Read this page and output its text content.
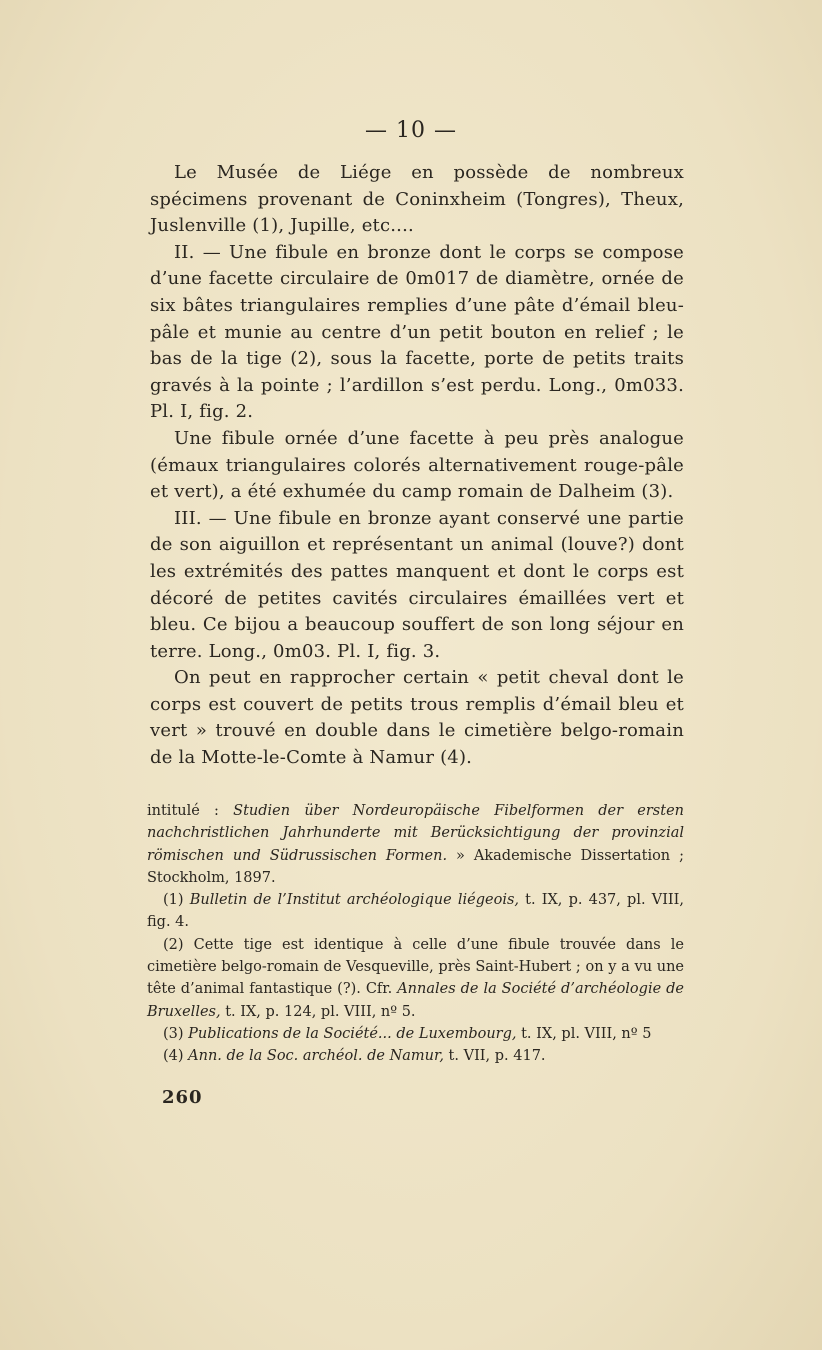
— 10 —

Le Musée de Liége en possède de nombreux spécimens provenant de Coninxheim (Tongres), Theux, Juslenville (1), Jupille, etc....

II. — Une fibule en bronze dont le corps se compose d’une facette circulaire de 0m017 de diamètre, ornée de six bâtes triangulaires remplies d’une pâte d’émail bleu-pâle et munie au centre d’un petit bouton en relief ; le bas de la tige (2), sous la facette, porte de petits traits gravés à la pointe ; l’ardillon s’est perdu. Long., 0m033. Pl. I, fig. 2.

Une fibule ornée d’une facette à peu près analogue (émaux triangulaires colorés alternativement rouge-pâle et vert), a été exhumée du camp romain de Dalheim (3).

III. — Une fibule en bronze ayant conservé une partie de son aiguillon et représentant un animal (louve?) dont les extrémités des pattes manquent et dont le corps est décoré de petites cavités circulaires émaillées vert et bleu. Ce bijou a beaucoup souffert de son long séjour en terre. Long., 0m03. Pl. I, fig. 3.

On peut en rapprocher certain « petit cheval dont le corps est couvert de petits trous remplis d’émail bleu et vert » trouvé en double dans le cimetière belgo-romain de la Motte-le-Comte à Namur (4).

intitulé : Studien über Nordeuropäische Fibelformen der ersten nachchristlichen Jahrhunderte mit Berücksichtigung der provinzial römischen und Südrussischen Formen. » Akademische Dissertation ; Stockholm, 1897.

(1) Bulletin de l’Institut archéologique liégeois, t. IX, p. 437, pl. VIII, fig. 4.

(2) Cette tige est identique à celle d’une fibule trouvée dans le cimetière belgo-romain de Vesqueville, près Saint-Hubert ; on y a vu une tête d’animal fantastique (?). Cfr. Annales de la Société d’archéologie de Bruxelles, t. IX, p. 124, pl. VIII, nº 5.

(3) Publications de la Société... de Luxembourg, t. IX, pl. VIII, nº 5

(4) Ann. de la Soc. archéol. de Namur, t. VII, p. 417.

260
